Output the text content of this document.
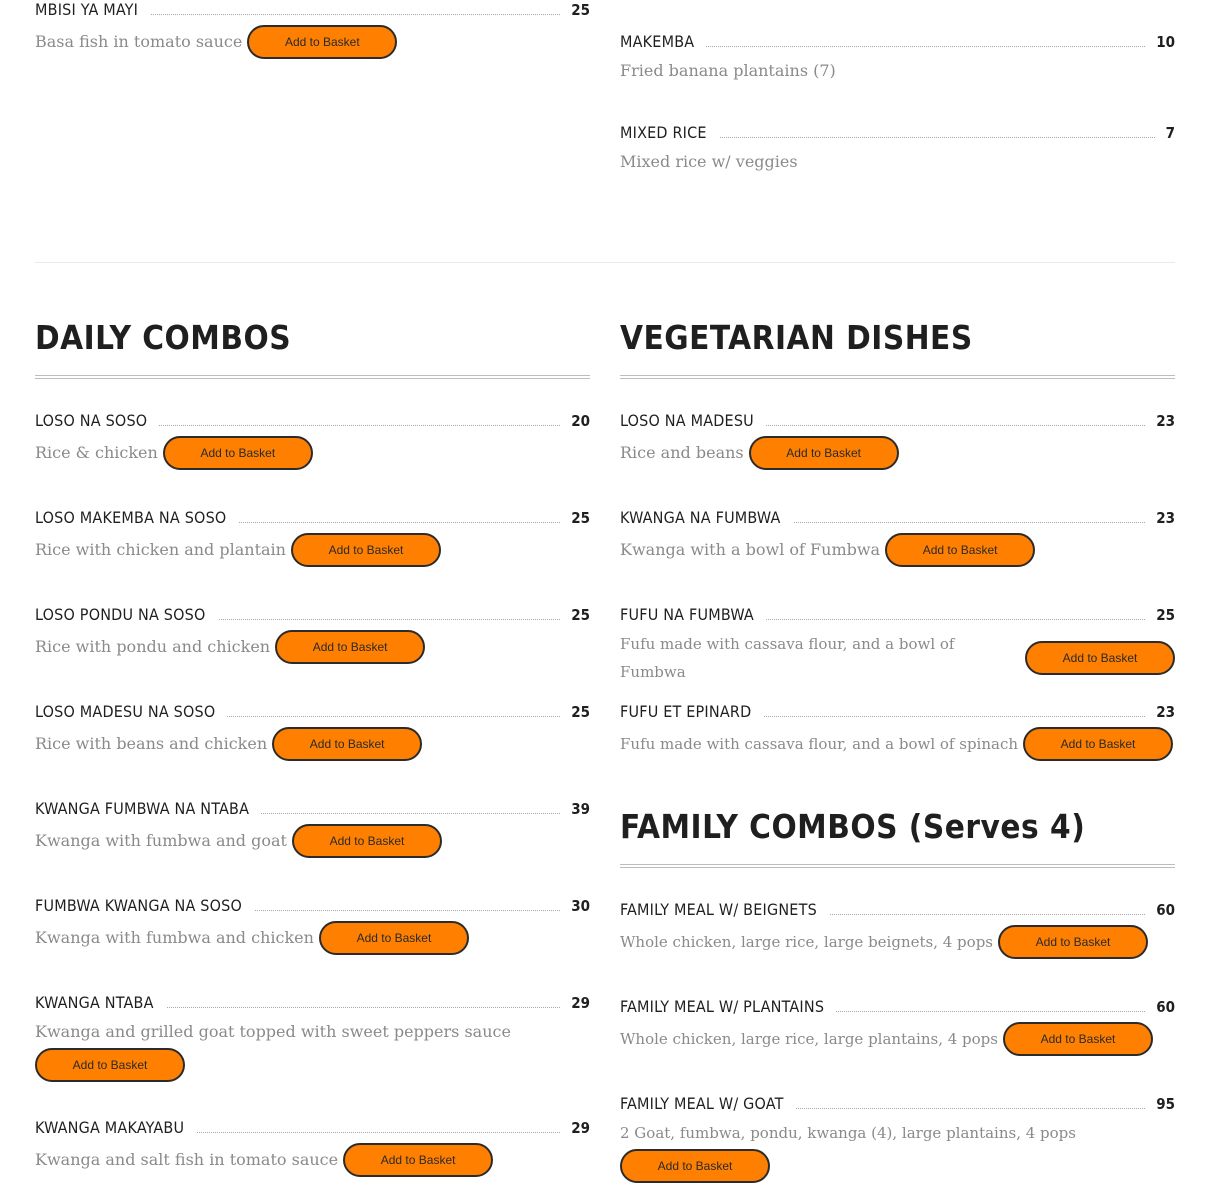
MBISI YA MAYI	25
Basa fish in tomato sauce	Add to Basket
DAILY COMBOS
LOSO NA SOSO	20
Rice & chicken	Add to Basket
LOSO MAKEMBA NA SOSO	25
Rice with chicken and plantain	Add to Basket
LOSO PONDU NA SOSO	25
Rice with pondu and chicken	Add to Basket
LOSO MADESU NA SOSO	25
Rice with beans and chicken	Add to Basket
KWANGA FUMBWA NA NTABA	39
Kwanga with fumbwa and goat	Add to Basket
FUMBWA KWANGA NA SOSO	30
Kwanga with fumbwa and chicken	Add to Basket
KWANGA NTABA	29
Kwanga and grilled goat topped with sweet peppers sauce
Add to Basket
KWANGA MAKAYABU	29
Kwanga and salt fish in tomato sauce	Add to Basket
MAKEMBA	10
Fried banana plantains (7)
MIXED RICE	7
Mixed rice w/ veggies
VEGETARIAN DISHES
LOSO NA MADESU	23
Rice and beans	Add to Basket
KWANGA NA FUMBWA	23
Kwanga with a bowl of Fumbwa	Add to Basket
FUFU NA FUMBWA	25
Fufu made with cassava flour, and a bowl of Fumbwa
Add to Basket
FUFU ET EPINARD	23
Fufu made with cassava flour, and a bowl of spinach	Add to Basket
FAMILY COMBOS (Serves 4)
FAMILY MEAL W/ BEIGNETS	60
Whole chicken, large rice, large beignets, 4 pops	Add to Basket
FAMILY MEAL W/ PLANTAINS	60
Whole chicken, large rice, large plantains, 4 pops	Add to Basket
FAMILY MEAL W/ GOAT	95
2 Goat, fumbwa, pondu, kwanga (4), large plantains, 4 pops
Add to Basket
